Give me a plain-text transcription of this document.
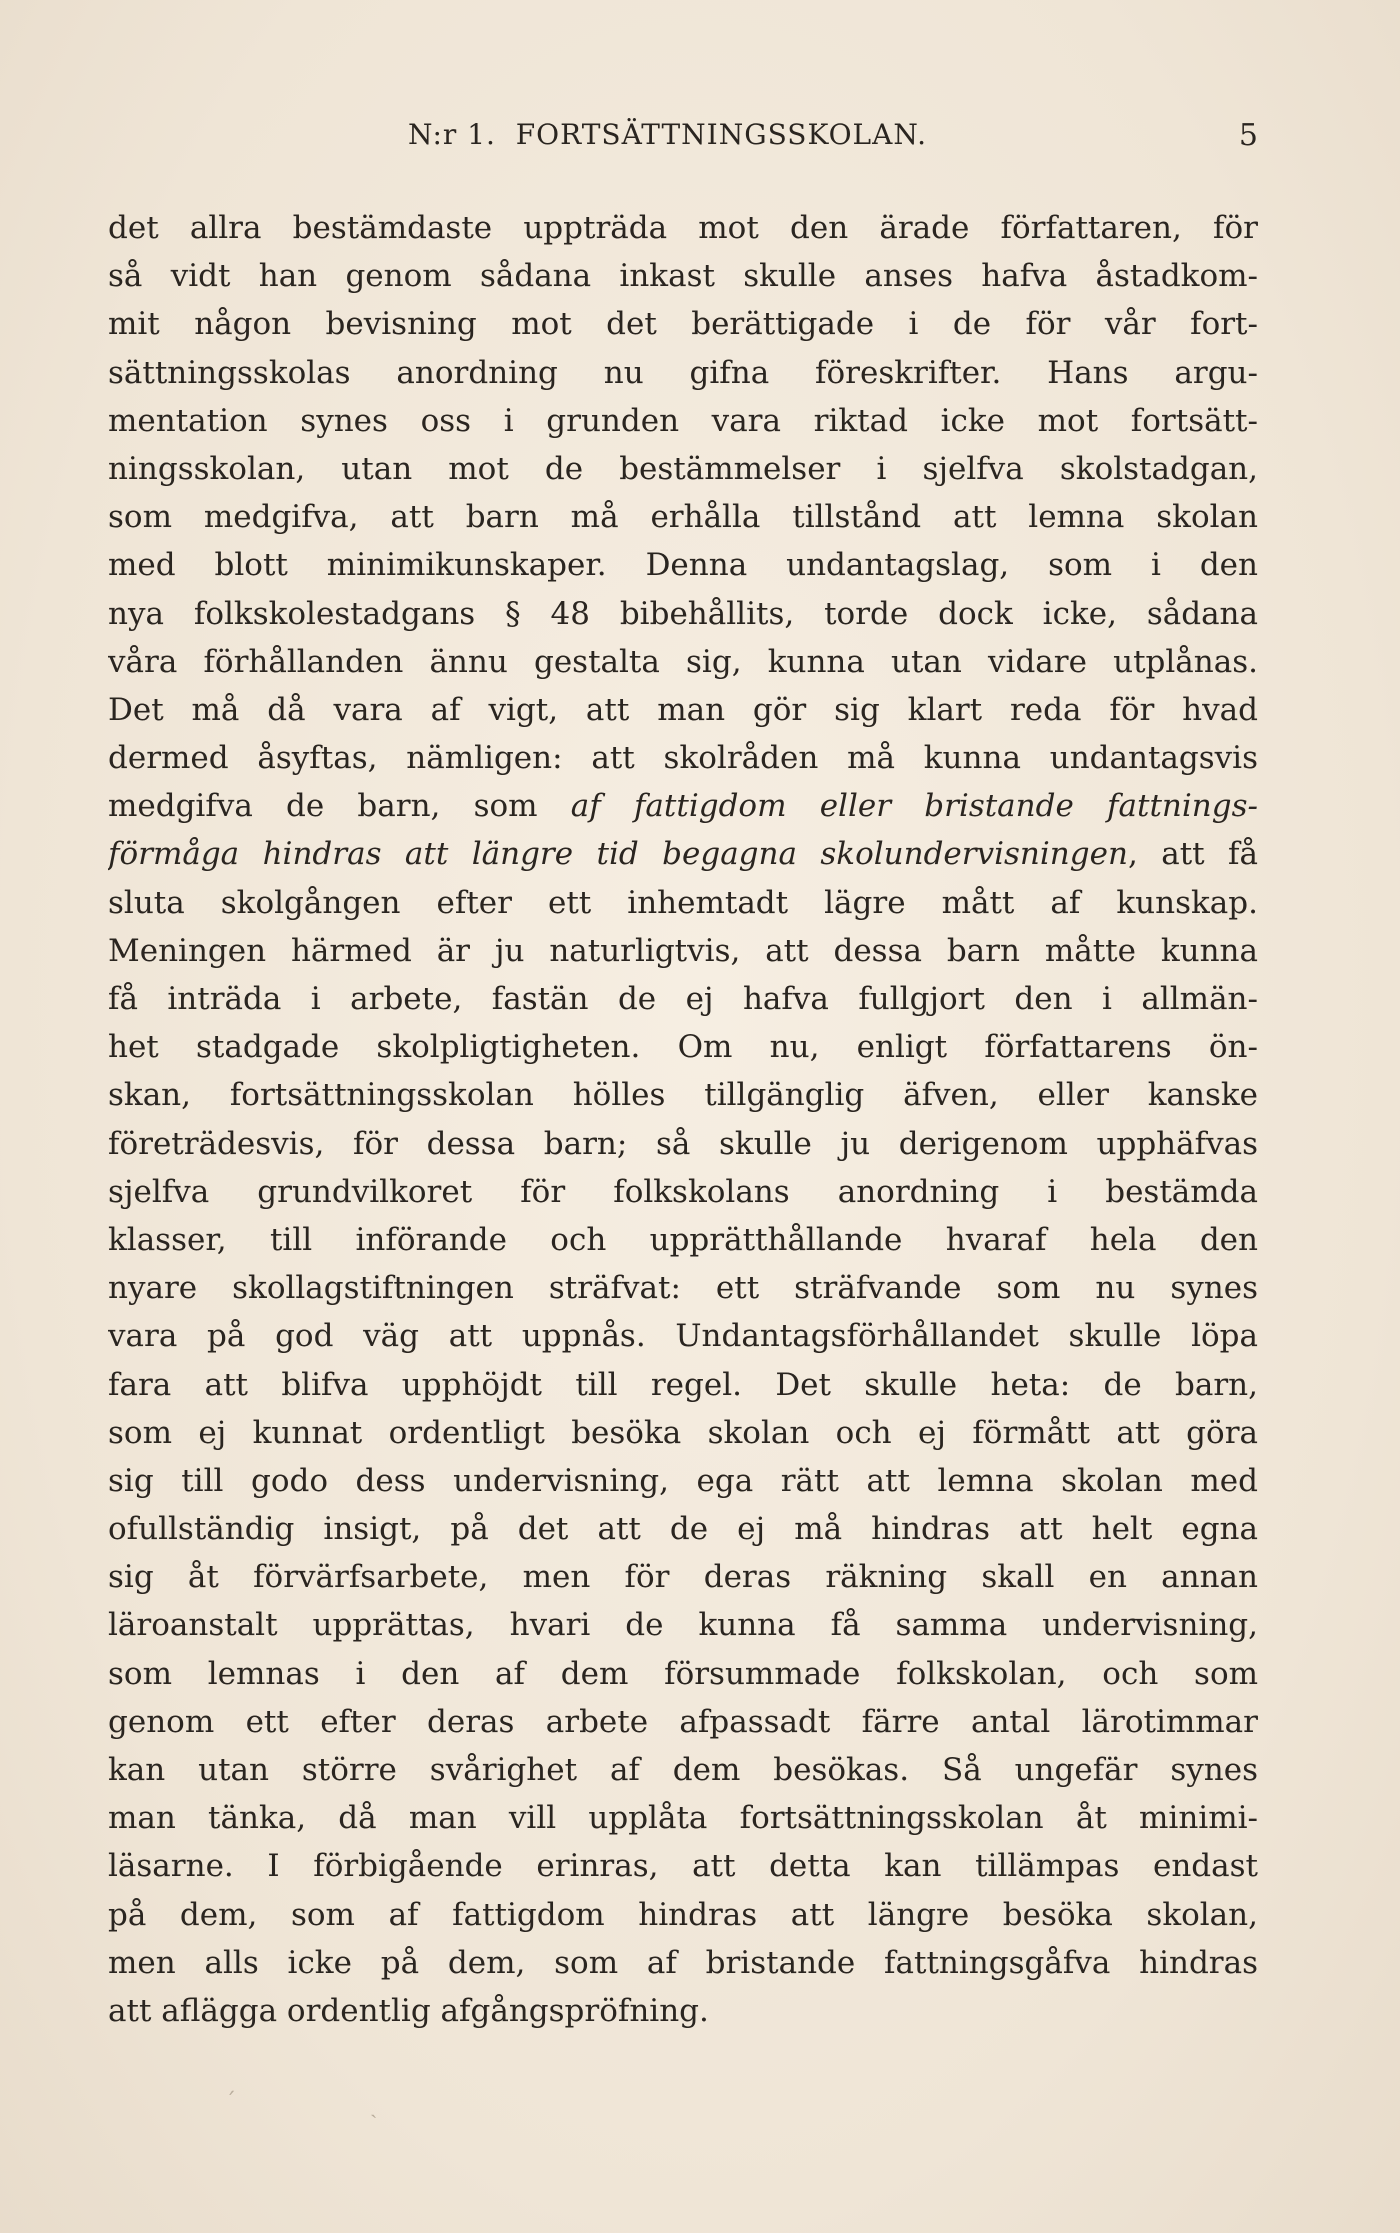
N:r 1. FORTSÄTTNINGSSKOLAN.	5
det allra bestämdaste uppträda mot den ärade författaren, för
så vidt han genom sådana inkast skulle anses hafva åstadkom-
mit någon bevisning mot det berättigade i de för vår fort-
sättningsskolas anordning nu gifna föreskrifter. Hans argu-
mentation synes oss i grunden vara riktad icke mot fortsätt-
ningsskolan, utan mot de bestämmelser i sjelfva skolstadgan,
som medgifva, att barn må erhålla tillstånd att lemna skolan
med blott minimikunskaper. Denna undantagslag, som i den
nya folkskolestadgans § 48 bibehållits, torde dock icke, sådana
våra förhållanden ännu gestalta sig, kunna utan vidare utplånas.
Det må då vara af vigt, att man gör sig klart reda för hvad
dermed åsyftas, nämligen: att skolråden må kunna undantagsvis
medgifva de barn, som af fattigdom eller bristande fattnings-
förmåga hindras att längre tid begagna skolundervisningen, att få
sluta skolgången efter ett inhemtadt lägre mått af kunskap.
Meningen härmed är ju naturligtvis, att dessa barn måtte kunna
få inträda i arbete, fastän de ej hafva fullgjort den i allmän-
het stadgade skolpligtigheten. Om nu, enligt författarens ön-
skan, fortsättningsskolan hölles tillgänglig äfven, eller kanske
företrädesvis, för dessa barn; så skulle ju derigenom upphäfvas
sjelfva grundvilkoret för folkskolans anordning i bestämda
klasser, till införande och upprätthållande hvaraf hela den
nyare skollagstiftningen sträfvat: ett sträfvande som nu synes
vara på god väg att uppnås. Undantagsförhållandet skulle löpa
fara att blifva upphöjdt till regel. Det skulle heta: de barn,
som ej kunnat ordentligt besöka skolan och ej förmått att göra
sig till godo dess undervisning, ega rätt att lemna skolan med
ofullständig insigt, på det att de ej må hindras att helt egna
sig åt förvärfsarbete, men för deras räkning skall en annan
läroanstalt upprättas, hvari de kunna få samma undervisning,
som lemnas i den af dem försummade folkskolan, och som
genom ett efter deras arbete afpassadt färre antal lärotimmar
kan utan större svårighet af dem besökas. Så ungefär synes
man tänka, då man vill upplåta fortsättningsskolan åt minimi-
läsarne. I förbigående erinras, att detta kan tillämpas endast
på dem, som af fattigdom hindras att längre besöka skolan,
men alls icke på dem, som af bristande fattningsgåfva hindras
att aflägga ordentlig afgångspröfning.
´	ˏ
